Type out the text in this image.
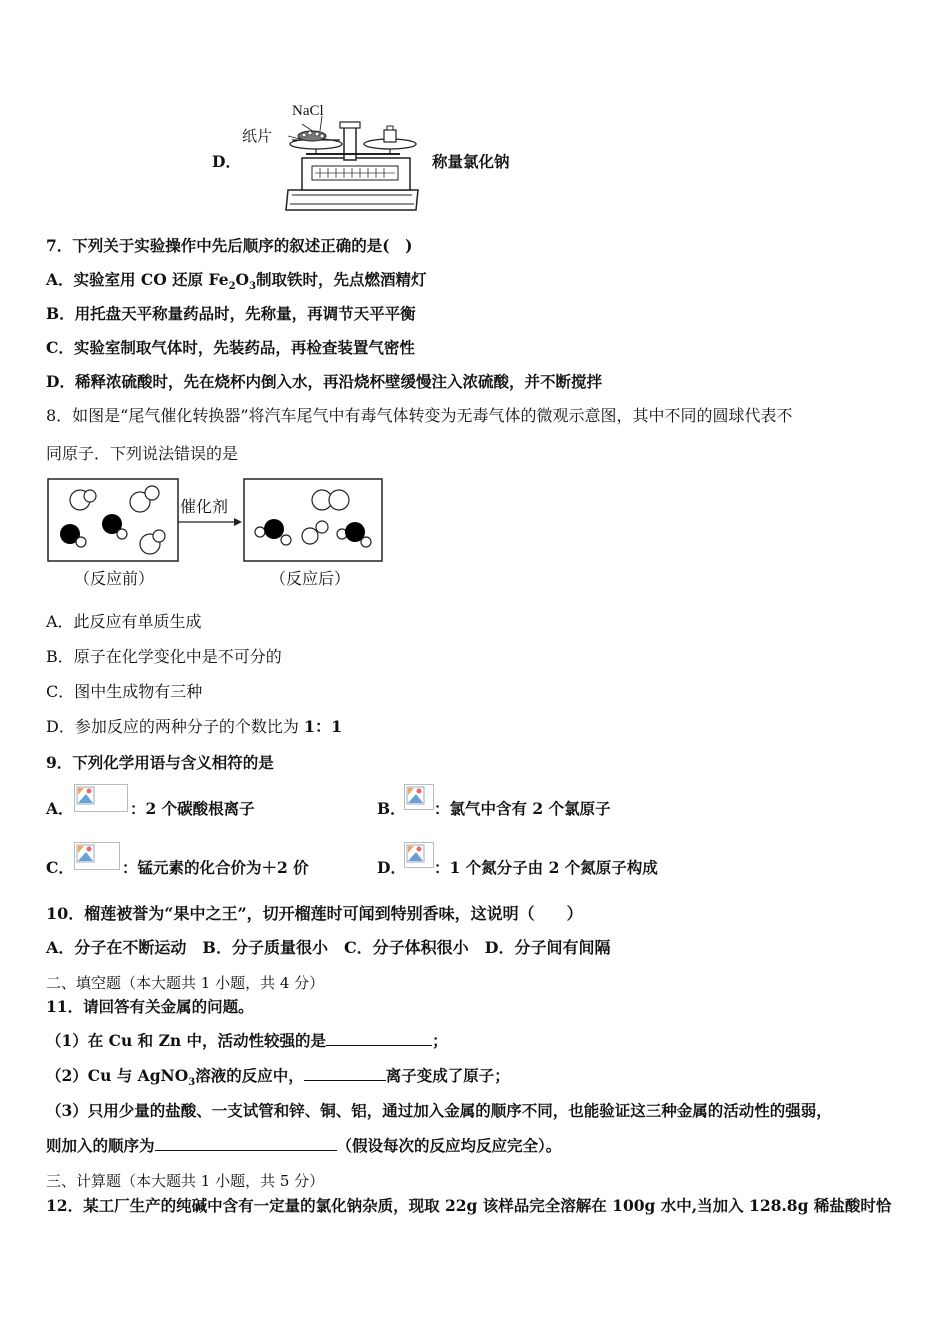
D．
NaCl
纸片
称量氯化钠
7．下列关于实验操作中先后顺序的叙述正确的是(　)
A．实验室用 CO 还原 $Fe_2O_3$制取铁时，先点燃酒精灯
B．用托盘天平称量药品时，先称量，再调节天平平衡
C．实验室制取气体时，先装药品，再检查装置气密性
D．稀释浓硫酸时，先在烧杯内倒入水，再沿烧杯壁缓慢注入浓硫酸，并不断搅拌
8．如图是“尾气催化转换器”将汽车尾气中有毒气体转变为无毒气体的微观示意图，其中不同的圆球代表不
同原子．下列说法错误的是
催化剂
（反应前）	（反应后）
A．此反应有单质生成
B．原子在化学变化中是不可分的
C．图中生成物有三种
D．参加反应的两种分子的个数比为 1：1
9．下列化学用语与含义相符的是
A．	：2 个碳酸根离子	B． ：氯气中含有 2 个氯原子
C．	：锰元素的化合价为＋2 价	D． ：1 个氮分子由 2 个氮原子构成
10．榴莲被誉为“果中之王”，切开榴莲时可闻到特别香味，这说明（　　）
A．分子在不断运动　B．分子质量很小　C．分子体积很小　D．分子间有间隔
二、填空题（本大题共 1 小题，共 4 分）
11．请回答有关金属的问题。
（1）在 Cu 和 Zn 中，活动性较强的是	；
（2）Cu 与 AgNO$_3$溶液的反应中，	离子变成了原子；
（3）只用少量的盐酸、一支试管和锌、铜、铝，通过加入金属的顺序不同，也能验证这三种金属的活动性的强弱，
则加入的顺序为	（假设每次的反应均反应完全）。
三、计算题（本大题共 1 小题，共 5 分）
12．某工厂生产的纯碱中含有一定量的氯化钠杂质，现取 22g 该样品完全溶解在 100g 水中,当加入 128.8g 稀盐酸时恰
